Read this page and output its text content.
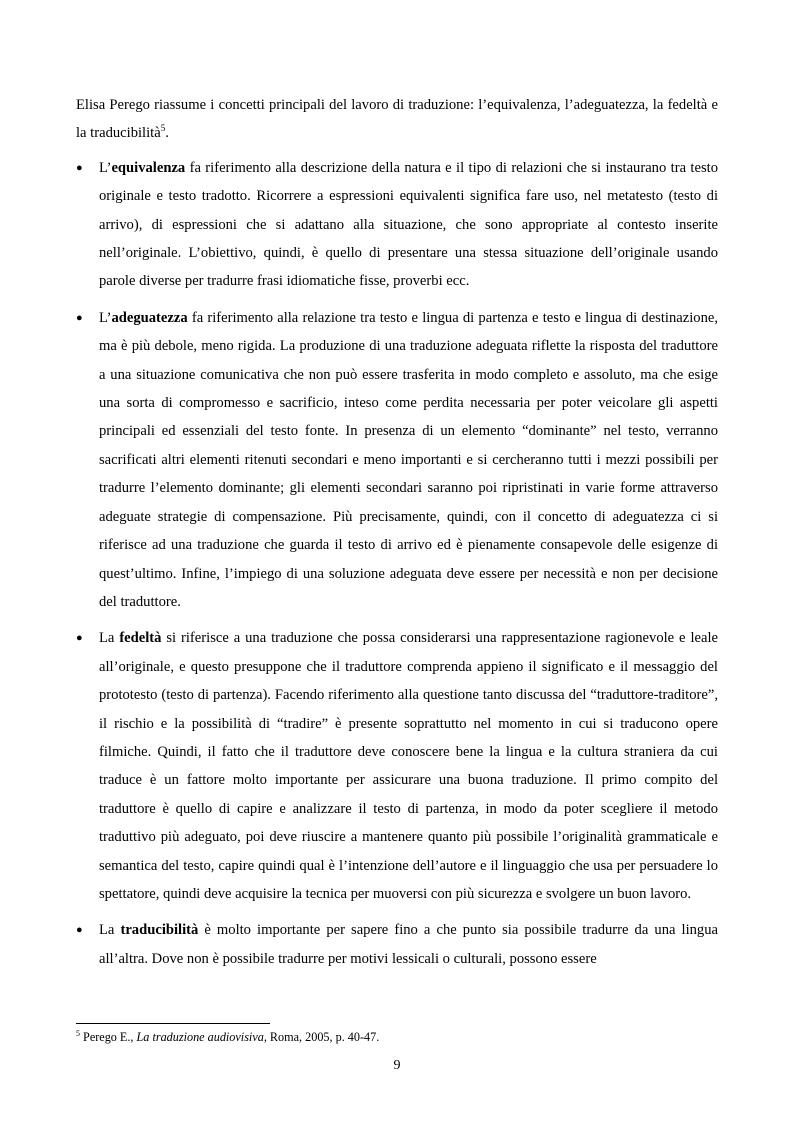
Elisa Perego riassume i concetti principali del lavoro di traduzione: l’equivalenza, l’adeguatezza, la fedeltà e la traducibilità$^5$.

●	L’equivalenza fa riferimento alla descrizione della natura e il tipo di relazioni che si instaurano tra testo originale e testo tradotto. Ricorrere a espressioni equivalenti significa fare uso, nel metatesto (testo di arrivo), di espressioni che si adattano alla situazione, che sono appropriate al contesto inserite nell’originale. L’obiettivo, quindi, è quello di presentare una stessa situazione dell’originale usando parole diverse per tradurre frasi idiomatiche fisse, proverbi ecc.

●	L’adeguatezza fa riferimento alla relazione tra testo e lingua di partenza e testo e lingua di destinazione, ma è più debole, meno rigida. La produzione di una traduzione adeguata riflette la risposta del traduttore a una situazione comunicativa che non può essere trasferita in modo completo e assoluto, ma che esige una sorta di compromesso e sacrificio, inteso come perdita necessaria per poter veicolare gli aspetti principali ed essenziali del testo fonte. In presenza di un elemento “dominante” nel testo, verranno sacrificati altri elementi ritenuti secondari e meno importanti e si cercheranno tutti i mezzi possibili per tradurre l’elemento dominante; gli elementi secondari saranno poi ripristinati in varie forme attraverso adeguate strategie di compensazione. Più precisamente, quindi, con il concetto di adeguatezza ci si riferisce ad una traduzione che guarda il testo di arrivo ed è pienamente consapevole delle esigenze di quest’ultimo. Infine, l’impiego di una soluzione adeguata deve essere per necessità e non per decisione del traduttore.

●	La fedeltà si riferisce a una traduzione che possa considerarsi una rappresentazione ragionevole e leale all’originale, e questo presuppone che il traduttore comprenda appieno il significato e il messaggio del prototesto (testo di partenza). Facendo riferimento alla questione tanto discussa del “traduttore-traditore”, il rischio e la possibilità di “tradire” è presente soprattutto nel momento in cui si traducono opere filmiche. Quindi, il fatto che il traduttore deve conoscere bene la lingua e la cultura straniera da cui traduce è un fattore molto importante per assicurare una buona traduzione. Il primo compito del traduttore è quello di capire e analizzare il testo di partenza, in modo da poter scegliere il metodo traduttivo più adeguato, poi deve riuscire a mantenere quanto più possibile l’originalità grammaticale e semantica del testo, capire quindi qual è l’intenzione dell’autore e il linguaggio che usa per persuadere lo spettatore, quindi deve acquisire la tecnica per muoversi con più sicurezza e svolgere un buon lavoro.

●	La traducibilità è molto importante per sapere fino a che punto sia possibile tradurre da una lingua all’altra. Dove non è possibile tradurre per motivi lessicali o culturali, possono essere

$^5$ Perego E., La traduzione audiovisiva, Roma, 2005, p. 40-47.
9
